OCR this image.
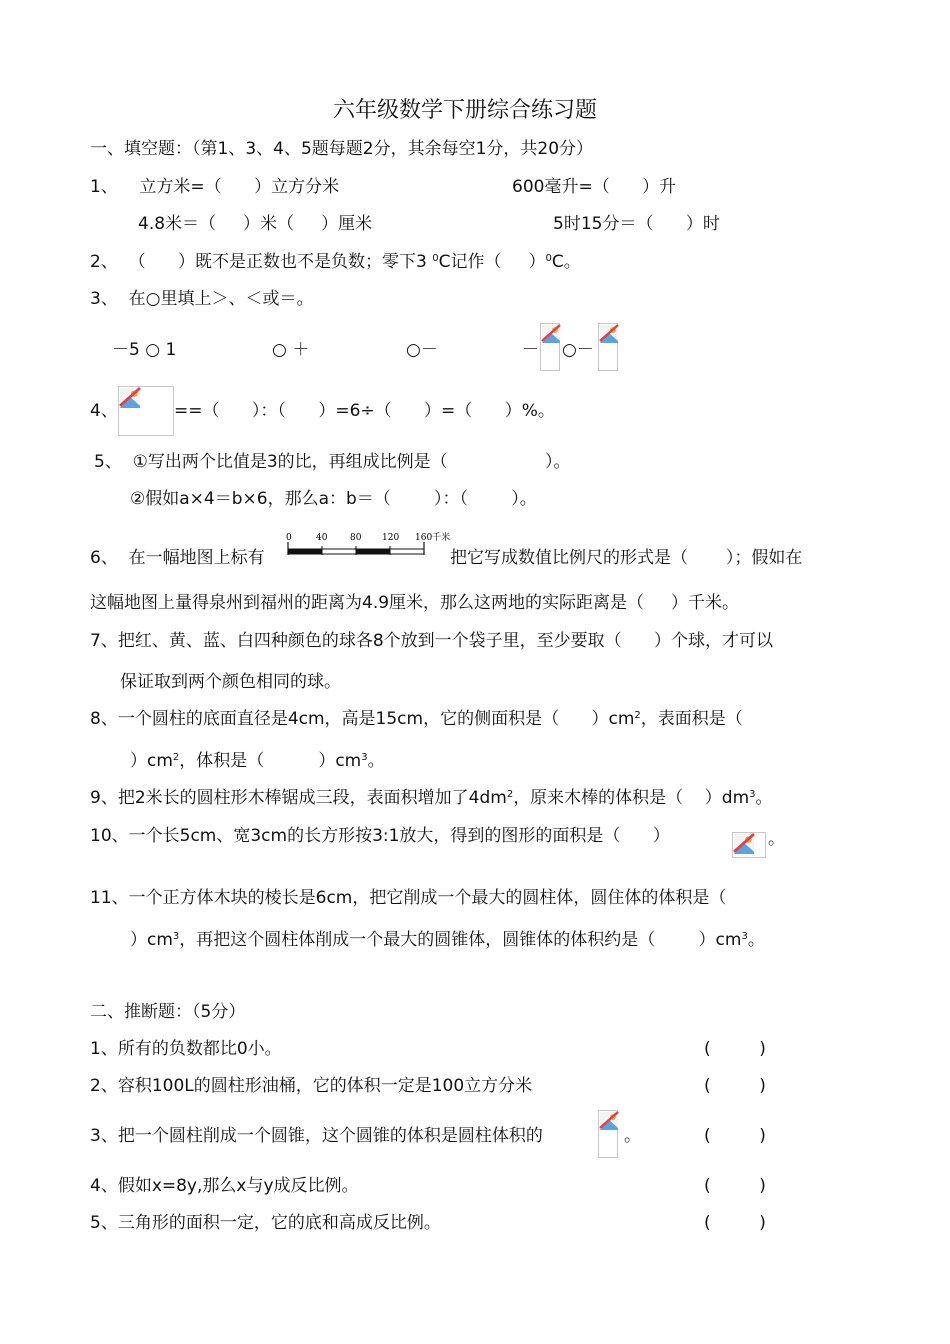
六年级数学下册综合练习题
一、填空题：（第1、3、4、5题每题2分，其余每空1分，共20分）
1、    立方米=（      ）立方分米	600毫升=（      ）升
4.8米＝（     ）米（     ）厘米	5时15分＝（      ）时
2、  （      ）既不是正数也不是负数；零下3 $^0$C记作（     ）$^0$C。
3、  在○里填上＞、＜或＝。
－5 ○ 1	○ ＋	○－	－ ○－
4、	==（      ）：（      ）=6÷（      ）=（      ）%。
5、  ①写出两个比值是3的比，再组成比例是（                  ）。
②假如a×4＝b×6，那么a：b＝（        ）：（        ）。
6、  在一幅地图上标有
0	40	80 120 160千米
把它写成数值比例尺的形式是（       ）；假如在
这幅地图上量得泉州到福州的距离为4.9厘米，那么这两地的实际距离是（     ）千米。
7、把红、黄、蓝、白四种颜色的球各8个放到一个袋子里，至少要取（      ）个球，才可以
保证取到两个颜色相同的球。
8、一个圆柱的底面直径是4cm，高是15cm，它的侧面积是（      ）$cm^2$，表面积是（
）$cm^2$，体积是（          ）$cm^3$。
9、把2米长的圆柱形木棒锯成三段，表面积增加了$4dm^2$，原来木棒的体积是（    ）$dm^3$。
10、一个长5cm、宽3cm的长方形按3:1放大，得到的图形的面积是（      ）	。
11、一个正方体木块的棱长是6cm，把它削成一个最大的圆柱体，圆住体的体积是（
）$cm^3$，再把这个圆柱体削成一个最大的圆锥体，圆锥体的体积约是（        ）$cm^3$。
二、推断题：（5分）
1、所有的负数都比0小。	(         )
2、容积100L的圆柱形油桶，它的体积一定是100立方分米	(         )
3、把一个圆柱削成一个圆锥，这个圆锥的体积是圆柱体积的	。	(         )
4、假如x=8y,那么x与y成反比例。	(         )
5、三角形的面积一定，它的底和高成反比例。	(         )
